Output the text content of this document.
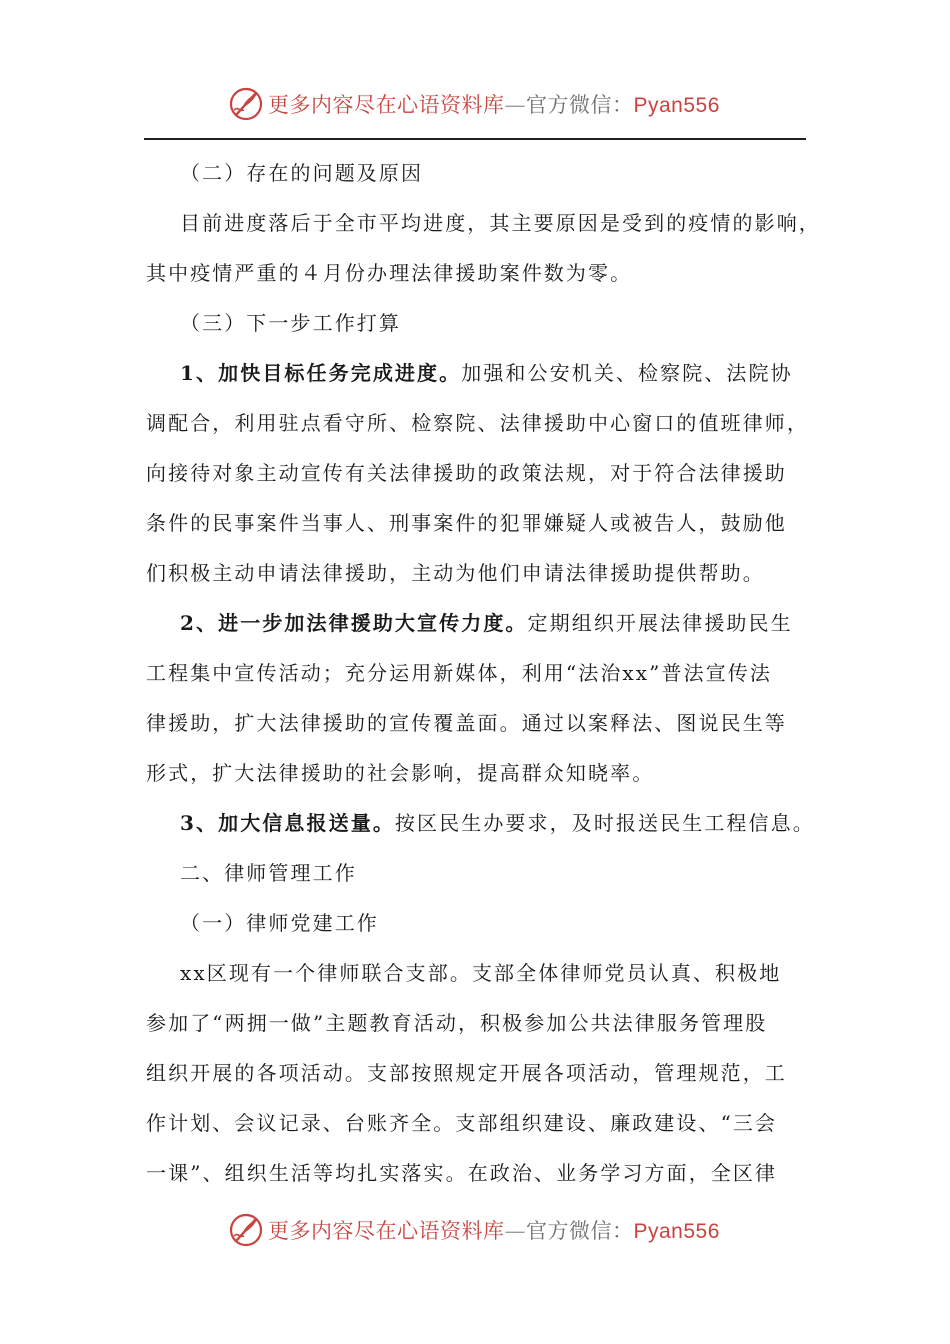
更多内容尽在心语资料库—官方微信：Pyan556
（二）存在的问题及原因
目前进度落后于全市平均进度，其主要原因是受到的疫情的影响，
其中疫情严重的４月份办理法律援助案件数为零。
（三）下一步工作打算
1、加快目标任务完成进度。加强和公安机关、检察院、法院协
调配合，利用驻点看守所、检察院、法律援助中心窗口的值班律师，
向接待对象主动宣传有关法律援助的政策法规，对于符合法律援助
条件的民事案件当事人、刑事案件的犯罪嫌疑人或被告人，鼓励他
们积极主动申请法律援助，主动为他们申请法律援助提供帮助。
2、进一步加法律援助大宣传力度。定期组织开展法律援助民生
工程集中宣传活动；充分运用新媒体，利用“法治xx”普法宣传法
律援助，扩大法律援助的宣传覆盖面。通过以案释法、图说民生等
形式，扩大法律援助的社会影响，提高群众知晓率。
3、加大信息报送量。按区民生办要求，及时报送民生工程信息。
二、律师管理工作
（一）律师党建工作
xx区现有一个律师联合支部。支部全体律师党员认真、积极地
参加了“两拥一做”主题教育活动，积极参加公共法律服务管理股
组织开展的各项活动。支部按照规定开展各项活动，管理规范，工
作计划、会议记录、台账齐全。支部组织建设、廉政建设、“三会
一课”、组织生活等均扎实落实。在政治、业务学习方面，全区律
更多内容尽在心语资料库—官方微信：Pyan556
